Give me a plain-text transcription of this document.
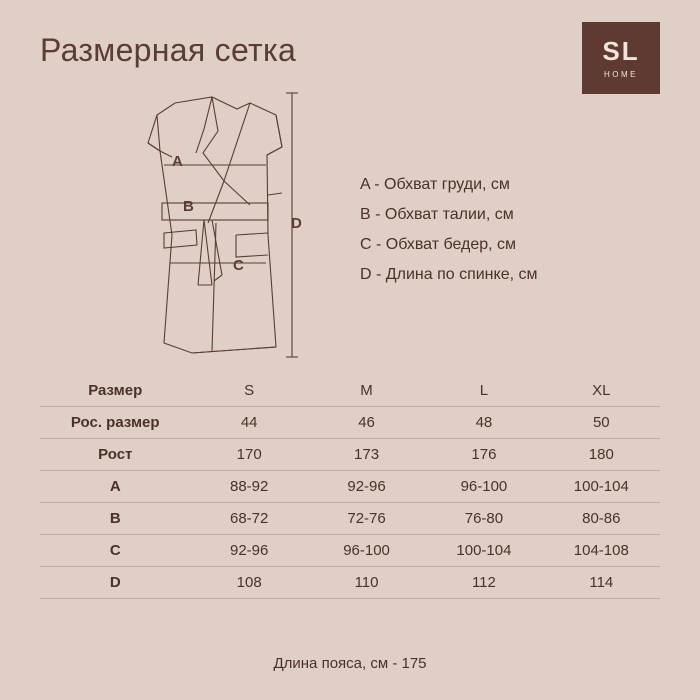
Размерная сетка	SL
HOME
A
B
C
D
A - Обхват груди, см
B - Обхват талии, см
C - Обхват бедер, см
D - Длина по спинке, см
Размер	S	M	L	XL
Рос. размер	44	46	48	50
Рост	170	173	176	180
A	88-92	92-96	96-100	100-104
B	68-72	72-76	76-80	80-86
C	92-96	96-100	100-104	104-108
D	108	110	112	114
Длина пояса, см - 175
